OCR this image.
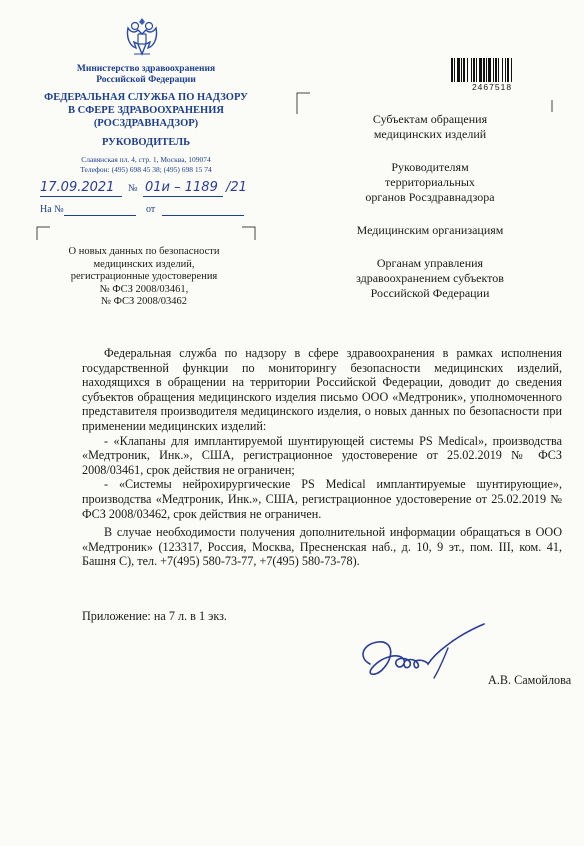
Министерство здравоохранения
Российской Федерации
ФЕДЕРАЛЬНАЯ СЛУЖБА ПО НАДЗОРУ
В СФЕРЕ ЗДРАВООХРАНЕНИЯ
(РОСЗДРАВНАДЗОР)
РУКОВОДИТЕЛЬ
Славянская пл. 4, стр. 1, Москва, 109074
Телефон: (495) 698 45 38; (495) 698 15 74
17.09.2021 № 01и – 1189 /21
На №	от
О новых данных по безопасности
медицинских изделий,
регистрационные удостоверения
№ ФСЗ 2008/03461,
№ ФСЗ 2008/03462
2467518

Субъектам обращения
медицинских изделий

Руководителям
территориальных
органов Росздравнадзора

Медицинским организациям

Органам управления
здравоохранением субъектов
Российской Федерации

Федеральная служба по надзору в сфере здравоохранения в рамках исполнения государственной функции по мониторингу безопасности медицинских изделий, находящихся в обращении на территории Российской Федерации, доводит до сведения субъектов обращения медицинского изделия письмо ООО «Медтроник», уполномоченного представителя производителя медицинского изделия, о новых данных по безопасности при применении медицинских изделий:

- «Клапаны для имплантируемой шунтирующей системы PS Medical», производства «Медтроник, Инк.», США, регистрационное удостоверение от 25.02.2019 № ФСЗ 2008/03461, срок действия не ограничен;

- «Системы нейрохирургические PS Medical имплантируемые шунтирующие», производства «Медтроник, Инк.», США, регистрационное удостоверение от 25.02.2019 № ФСЗ 2008/03462, срок действия не ограничен.

В случае необходимости получения дополнительной информации обращаться в ООО «Медтроник» (123317, Россия, Москва, Пресненская наб., д. 10, 9 эт., пом. III, ком. 41, Башня С), тел. +7(495) 580-73-77, +7(495) 580-73-78).

Приложение: на 7 л. в 1 экз.
А.В. Самойлова
